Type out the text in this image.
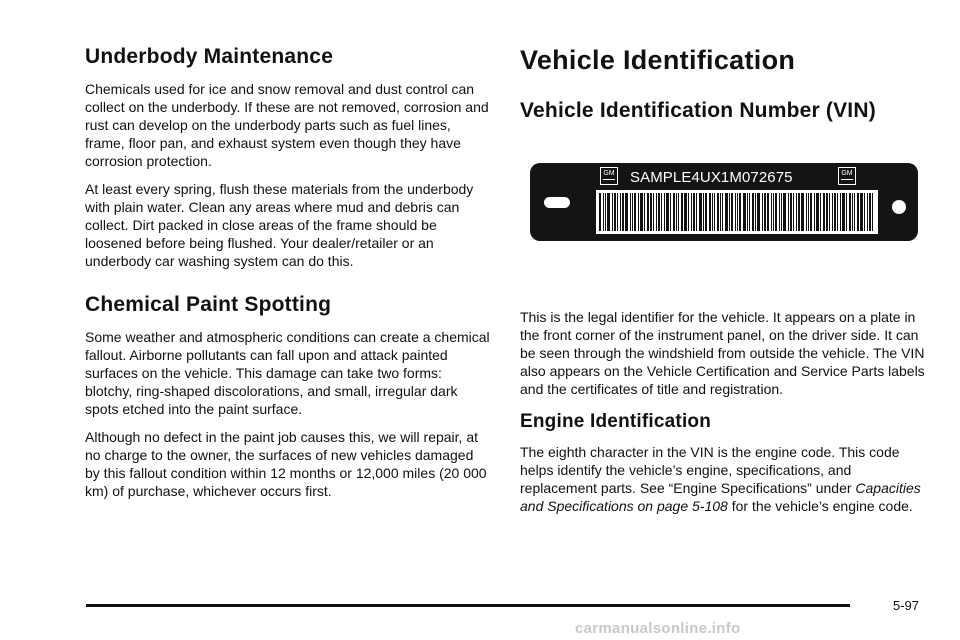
Underbody Maintenance

Chemicals used for ice and snow removal and dust control can collect on the underbody. If these are not removed, corrosion and rust can develop on the underbody parts such as fuel lines, frame, floor pan, and exhaust system even though they have corrosion protection.

At least every spring, flush these materials from the underbody with plain water. Clean any areas where mud and debris can collect. Dirt packed in close areas of the frame should be loosened before being flushed. Your dealer/retailer or an underbody car washing system can do this.

Chemical Paint Spotting

Some weather and atmospheric conditions can create a chemical fallout. Airborne pollutants can fall upon and attack painted surfaces on the vehicle. This damage can take two forms: blotchy, ring-shaped discolorations, and small, irregular dark spots etched into the paint surface.

Although no defect in the paint job causes this, we will repair, at no charge to the owner, the surfaces of new vehicles damaged by this fallout condition within 12 months or 12,000 miles (20 000 km) of purchase, whichever occurs first.

Vehicle Identification
Vehicle Identification Number (VIN)

This is the legal identifier for the vehicle. It appears on a plate in the front corner of the instrument panel, on the driver side. It can be seen through the windshield from outside the vehicle. The VIN also appears on the Vehicle Certification and Service Parts labels and the certificates of title and registration.

Engine Identification

The eighth character in the VIN is the engine code. This code helps identify the vehicle’s engine, specifications, and replacement parts. See “Engine Specifications” under Capacities and Specifications on page 5-108 for the vehicle’s engine code.

GM SAMPLE4UX1M072675	GM
5-97
carmanualsonline.info
